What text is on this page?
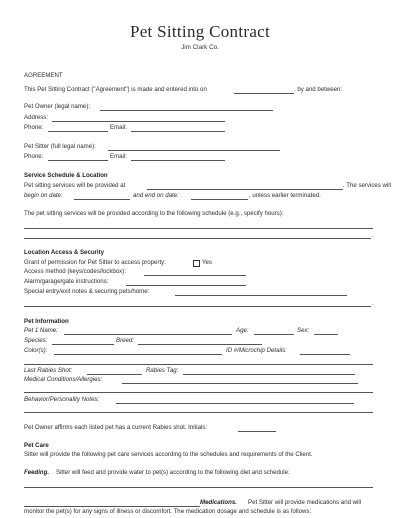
Pet Sitting Contract
Jim Clark Co.
AGREEMENT
This Pet Sitting Contract ("Agreement") is made and entered into on	, by and between:
Pet Owner (legal name):
Address:
Phone:	Email:
Pet Sitter (full legal name):
Phone:	Email:
Service Schedule & Location
Pet sitting services will be provided at	. The services will
begin on date:	and end on date:	, unless earlier terminated.
The pet sitting services will be provided according to the following schedule (e.g., specify hours):
.
Location Access & Security
Grant of permission for Pet Sitter to access property:	Yes
Access method (keys/codes/lockbox):
Alarm/garage/gate instructions:
Special entry/exit notes & securing pets/home:
.
Pet Information
Pet 1 Name:	Age:	Sex:
Species:	Breed:
Color(s):	ID #/Microchip Details:
Last Rabies Shot:	Rabies Tag:
Medical Conditions/Allergies:
Behavior/Personality Notes:
Pet Owner affirms each listed pet has a current Rabies shot. Initials:
Pet Care
Sitter will provide the following pet care services according to the schedules and requirements of the Client.
Feeding. Sitter will feed and provide water to pet(s) according to the following diet and schedule:
Medications. Pet Sitter will provide medications and will
monitor the pet(s) for any signs of illness or discomfort. The medication dosage and schedule is as follows:
